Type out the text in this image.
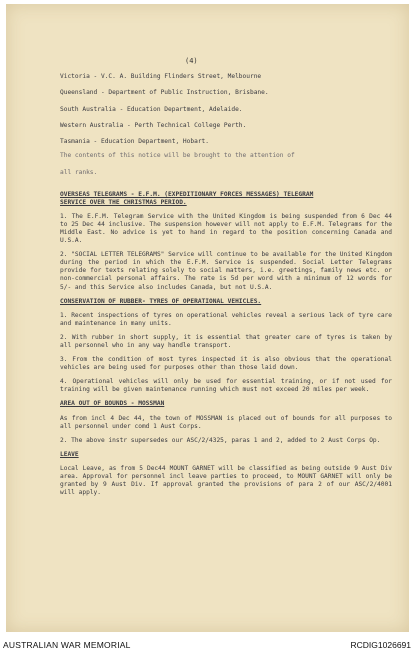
(4)

Victoria - V.C. A. Building Flinders Street, Melbourne

Queensland - Department of Public Instruction, Brisbane.

South Australia - Education Department, Adelaide.

Western Australia - Perth Technical College Perth.

Tasmania - Education Department, Hobart.

The contents of this notice will be brought to the attention of

all ranks.

OVERSEAS TELEGRAMS - E.F.M. (EXPEDITIONARY FORCES MESSAGES) TELEGRAM

SERVICE OVER THE CHRISTMAS PERIOD.

1. The E.F.M. Telegram Service with the United Kingdom is being suspended from 6 Dec 44 to 25 Dec 44 inclusive. The suspension however will not apply to E.F.M. Telegrams for the Middle East. No advice is yet to hand in regard to the position concerning Canada and U.S.A.

2. "SOCIAL LETTER TELEGRAMS" Service will continue to be available for the United Kingdom during the period in which the E.F.M. Service is suspended. Social Letter Telegrams provide for texts relating solely to social matters, i.e. greetings, family news etc. or non-commercial personal affairs. The rate is 5d per word with a minimum of 12 words for 5/- and this Service also includes Canada, but not U.S.A.

CONSERVATION OF RUBBER- TYRES OF OPERATIONAL VEHICLES.

1. Recent inspections of tyres on operational vehicles reveal a serious lack of tyre care and maintenance in many units.

2. With rubber in short supply, it is essential that greater care of tyres is taken by all personnel who in any way handle transport.

3. From the condition of most tyres inspected it is also obvious that the operational vehicles are being used for purposes other than those laid down.

4. Operational vehicles will only be used for essential training, or if not used for training will be given maintenance running which must not exceed 20 miles per week.

AREA OUT OF BOUNDS - MOSSMAN

As from incl 4 Dec 44, the town of MOSSMAN is placed out of bounds for all purposes to all personnel under comd 1 Aust Corps.

2. The above instr supersedes our ASC/2/4325, paras 1 and 2, added to 2 Aust Corps Op.

LEAVE

Local Leave, as from 5 Dec44 MOUNT GARNET will be classified as being outside 9 Aust Div area. Approval for personnel incl leave parties to proceed, to MOUNT GARNET will only be granted by 9 Aust Div. If approval granted the provisions of para 2 of our ASC/2/4001 will apply.

AUSTRALIAN WAR MEMORIAL	RCDIG1026691
